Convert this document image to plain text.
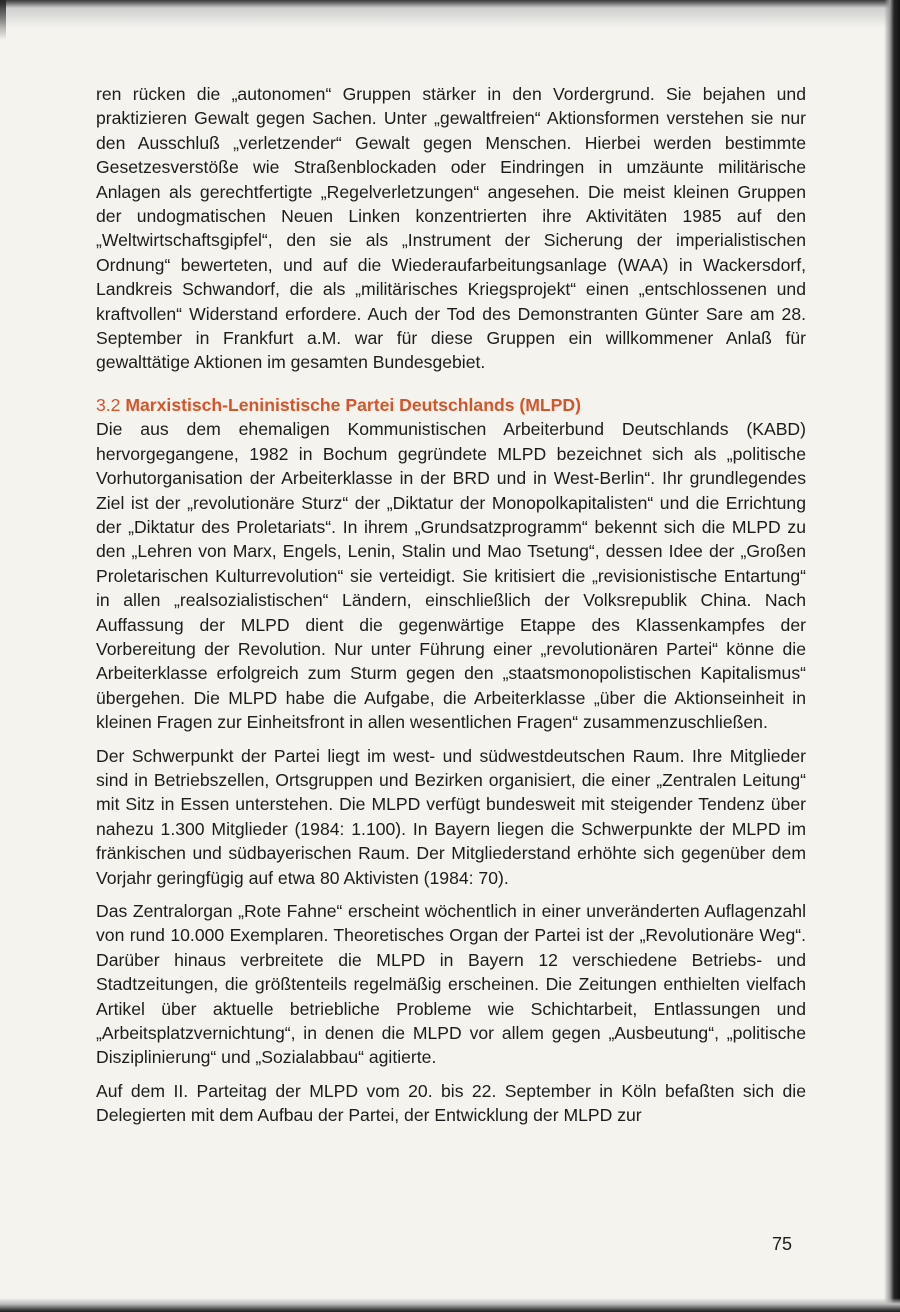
ren rücken die „autonomen“ Gruppen stärker in den Vordergrund. Sie bejahen und praktizieren Gewalt gegen Sachen. Unter „gewaltfreien“ Aktionsformen verstehen sie nur den Ausschluß „verletzender“ Gewalt gegen Menschen. Hierbei werden bestimmte Gesetzesverstöße wie Straßenblockaden oder Eindringen in umzäunte militärische Anlagen als gerechtfertigte „Regelverletzungen“ angesehen. Die meist kleinen Gruppen der undogmatischen Neuen Linken konzentrierten ihre Aktivitäten 1985 auf den „Weltwirtschaftsgipfel“, den sie als „Instrument der Sicherung der imperialistischen Ordnung“ bewerteten, und auf die Wiederaufarbeitungsanlage (WAA) in Wackersdorf, Landkreis Schwandorf, die als „militärisches Kriegsprojekt“ einen „entschlossenen und kraftvollen“ Widerstand erfordere. Auch der Tod des Demonstranten Günter Sare am 28. September in Frankfurt a.M. war für diese Gruppen ein willkommener Anlaß für gewalttätige Aktionen im gesamten Bundesgebiet.

3.2 Marxistisch-Leninistische Partei Deutschlands (MLPD)

Die aus dem ehemaligen Kommunistischen Arbeiterbund Deutschlands (KABD) hervorgegangene, 1982 in Bochum gegründete MLPD bezeichnet sich als „politische Vorhutorganisation der Arbeiterklasse in der BRD und in West-Berlin“. Ihr grundlegendes Ziel ist der „revolutionäre Sturz“ der „Diktatur der Monopolkapitalisten“ und die Errichtung der „Diktatur des Proletariats“. In ihrem „Grundsatzprogramm“ bekennt sich die MLPD zu den „Lehren von Marx, Engels, Lenin, Stalin und Mao Tsetung“, dessen Idee der „Großen Proletarischen Kulturrevolution“ sie verteidigt. Sie kritisiert die „revisionistische Entartung“ in allen „realsozialistischen“ Ländern, einschließlich der Volksrepublik China. Nach Auffassung der MLPD dient die gegenwärtige Etappe des Klassenkampfes der Vorbereitung der Revolution. Nur unter Führung einer „revolutionären Partei“ könne die Arbeiterklasse erfolgreich zum Sturm gegen den „staatsmonopolistischen Kapitalismus“ übergehen. Die MLPD habe die Aufgabe, die Arbeiterklasse „über die Aktionseinheit in kleinen Fragen zur Einheitsfront in allen wesentlichen Fragen“ zusammenzuschließen.

Der Schwerpunkt der Partei liegt im west- und südwestdeutschen Raum. Ihre Mitglieder sind in Betriebszellen, Ortsgruppen und Bezirken organisiert, die einer „Zentralen Leitung“ mit Sitz in Essen unterstehen. Die MLPD verfügt bundesweit mit steigender Tendenz über nahezu 1.300 Mitglieder (1984: 1.100). In Bayern liegen die Schwerpunkte der MLPD im fränkischen und südbayerischen Raum. Der Mitgliederstand erhöhte sich gegenüber dem Vorjahr geringfügig auf etwa 80 Aktivisten (1984: 70).

Das Zentralorgan „Rote Fahne“ erscheint wöchentlich in einer unveränderten Auflagenzahl von rund 10.000 Exemplaren. Theoretisches Organ der Partei ist der „Revolutionäre Weg“. Darüber hinaus verbreitete die MLPD in Bayern 12 verschiedene Betriebs- und Stadtzeitungen, die größtenteils regelmäßig erscheinen. Die Zeitungen enthielten vielfach Artikel über aktuelle betriebliche Probleme wie Schichtarbeit, Entlassungen und „Arbeitsplatzvernichtung“, in denen die MLPD vor allem gegen „Ausbeutung“, „politische Disziplinierung“ und „Sozialabbau“ agitierte.

Auf dem II. Parteitag der MLPD vom 20. bis 22. September in Köln befaßten sich die Delegierten mit dem Aufbau der Partei, der Entwicklung der MLPD zur

75
